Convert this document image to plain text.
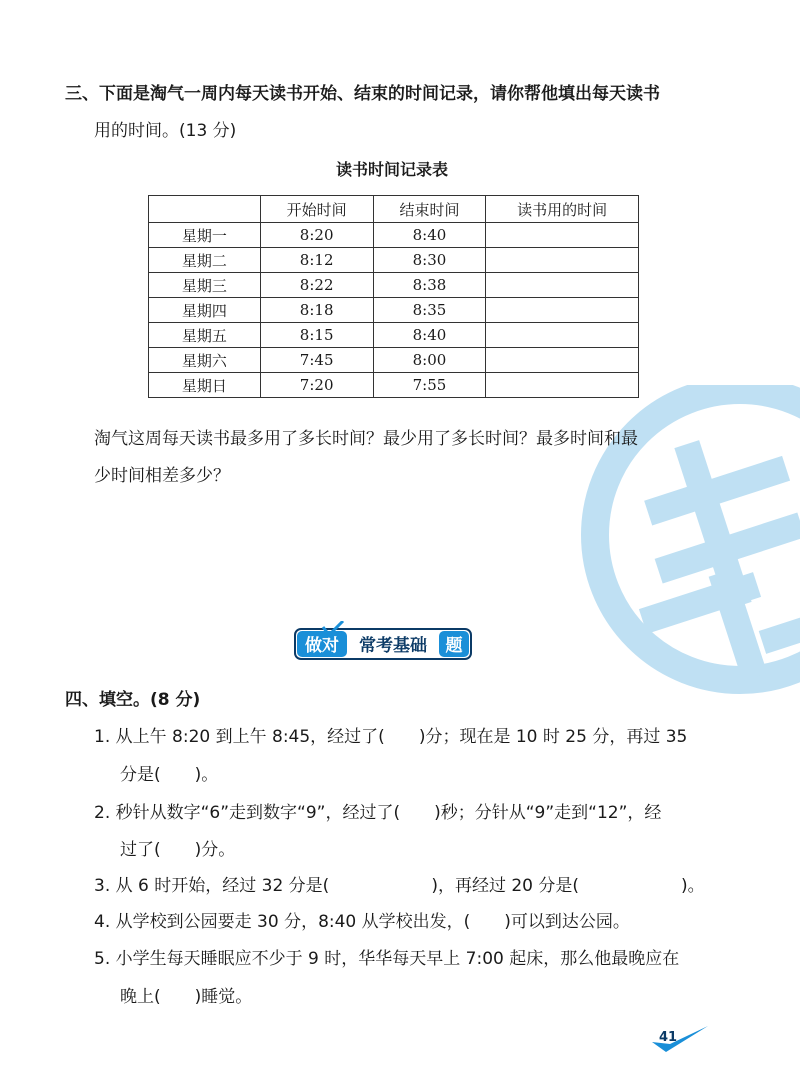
三、下面是淘气一周内每天读书开始、结束的时间记录，请你帮他填出每天读书
用的时间。(13 分)
读书时间记录表
	开始时间	结束时间	读书用的时间
星期一	8:20	8:40	
星期二	8:12	8:30	
星期三	8:22	8:38	
星期四	8:18	8:35	
星期五	8:15	8:40	
星期六	7:45	8:00	
星期日	7:20	7:55	
淘气这周每天读书最多用了多长时间？最少用了多长时间？最多时间和最
少时间相差多少？
做对 常考基础 题
四、填空。(8 分)
1. 从上午 8:20 到上午 8:45，经过了(　　)分；现在是 10 时 25 分，再过 35
分是(　　)。
2. 秒针从数字“6”走到数字“9”，经过了(　　)秒；分针从“9”走到“12”，经
过了(　　)分。
3. 从 6 时开始，经过 32 分是(　　　　　　)，再经过 20 分是(　　　　　　)。
4. 从学校到公园要走 30 分，8:40 从学校出发，(　　)可以到达公园。
5. 小学生每天睡眠应不少于 9 时，华华每天早上 7:00 起床，那么他最晚应在
晚上(　　)睡觉。
41
